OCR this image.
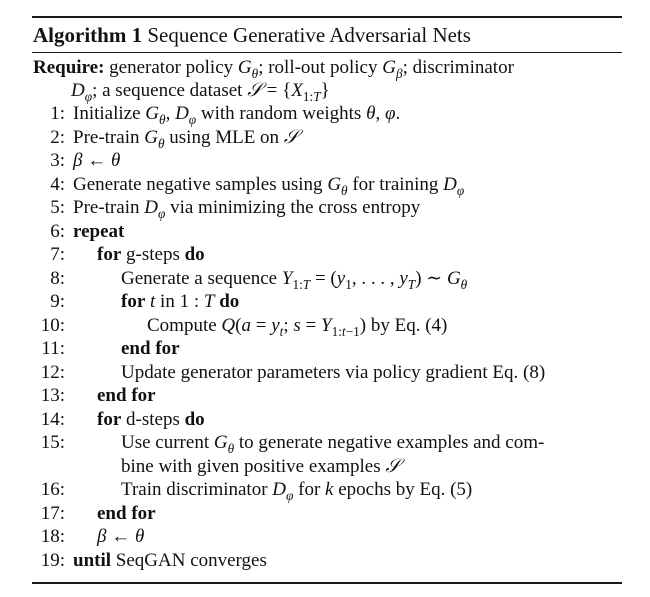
Algorithm 1 Sequence Generative Adversarial Nets
Require: generator policy $G_\theta$; roll-out policy $G_\beta$; discriminator
$D_\varphi$; a sequence dataset 𝒮 = $\{X_{1:T}\}$
1: Initialize $G_\theta$, $D_\varphi$ with random weights θ, φ.
2: Pre-train $G_\theta$ using MLE on 𝒮
3: β ← θ
4: Generate negative samples using $G_\theta$ for training $D_\varphi$
5: Pre-train $D_\varphi$ via minimizing the cross entropy
6: repeat
7:	for g-steps do
8:	Generate a sequence $Y_{1:T} = (y_1$, . . . , $y_T$) ∼ $G_\theta$
9:	for t in 1 : T do
10:	Compute $Q(a = y_t$; $s = Y_{1:t-1}$) by Eq. (4)
11:	end for
12:	Update generator parameters via policy gradient Eq. (8)
13:	end for
14:	for d-steps do
15:	Use current $G_\theta$ to generate negative examples and com-
bine with given positive examples 𝒮
16:	Train discriminator $D_\varphi$ for k epochs by Eq. (5)
17:	end for
18:	β ← θ
19: until SeqGAN converges
